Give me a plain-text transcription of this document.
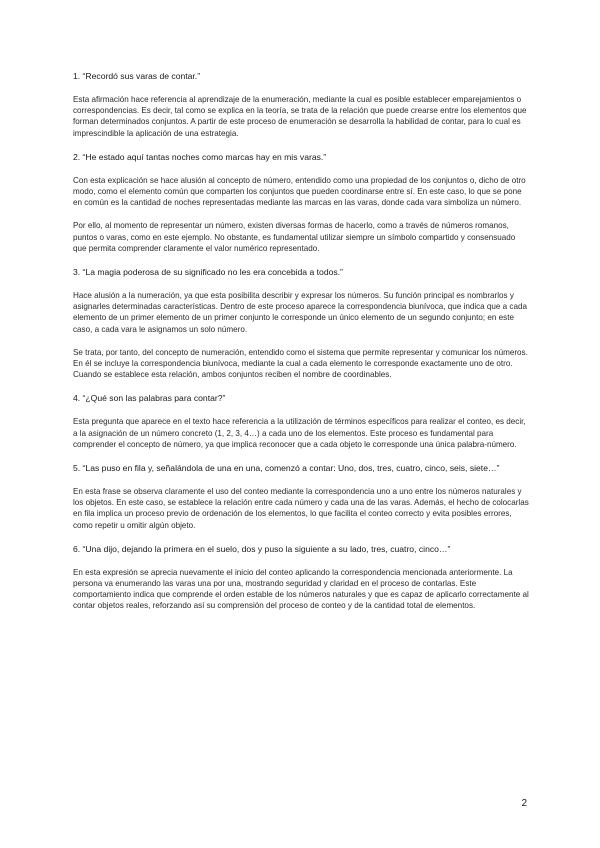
1. “Recordó sus varas de contar.”

Esta afirmación hace referencia al aprendizaje de la enumeración, mediante la cual es posible establecer emparejamientos o correspondencias. Es decir, tal como se explica en la teoría, se trata de la relación que puede crearse entre los elementos que forman determinados conjuntos. A partir de este proceso de enumeración se desarrolla la habilidad de contar, para lo cual es imprescindible la aplicación de una estrategia.

2. “He estado aquí tantas noches como marcas hay en mis varas.”

Con esta explicación se hace alusión al concepto de número, entendido como una propiedad de los conjuntos o, dicho de otro modo, como el elemento común que comparten los conjuntos que pueden coordinarse entre sí. En este caso, lo que se pone en común es la cantidad de noches representadas mediante las marcas en las varas, donde cada vara simboliza un número.

Por ello, al momento de representar un número, existen diversas formas de hacerlo, como a través de números romanos, puntos o varas, como en este ejemplo. No obstante, es fundamental utilizar siempre un símbolo compartido y consensuado que permita comprender claramente el valor numérico representado.

3. “La magia poderosa de su significado no les era concebida a todos.”

Hace alusión a la numeración, ya que esta posibilita describir y expresar los números. Su función principal es nombrarlos y asignarles determinadas características. Dentro de este proceso aparece la correspondencia biunívoca, que indica que a cada elemento de un primer elemento de un primer conjunto le corresponde un único elemento de un segundo conjunto; en este caso, a cada vara le asignamos un solo número.

Se trata, por tanto, del concepto de numeración, entendido como el sistema que permite representar y comunicar los números. En él se incluye la correspondencia biunívoca, mediante la cual a cada elemento le corresponde exactamente uno de otro. Cuando se establece esta relación, ambos conjuntos reciben el nombre de coordinables.

4. “¿Qué son las palabras para contar?”

Esta pregunta que aparece en el texto hace referencia a la utilización de términos específicos para realizar el conteo, es decir, a la asignación de un número concreto (1, 2, 3, 4…) a cada uno de los elementos. Este proceso es fundamental para comprender el concepto de número, ya que implica reconocer que a cada objeto le corresponde una única palabra-número.

5. “Las puso en fila y, señalándola de una en una, comenzó a contar: Uno, dos, tres, cuatro, cinco, seis, siete…”

En esta frase se observa claramente el uso del conteo mediante la correspondencia uno a uno entre los números naturales y los objetos. En este caso, se establece la relación entre cada número y cada una de las varas. Además, el hecho de colocarlas en fila implica un proceso previo de ordenación de los elementos, lo que facilita el conteo correcto y evita posibles errores, como repetir u omitir algún objeto.

6. “Una dijo, dejando la primera en el suelo, dos y puso la siguiente a su lado, tres, cuatro, cinco…”

En esta expresión se aprecia nuevamente el inicio del conteo aplicando la correspondencia mencionada anteriormente. La persona va enumerando las varas una por una, mostrando seguridad y claridad en el proceso de contarlas. Este comportamiento indica que comprende el orden estable de los números naturales y que es capaz de aplicarlo correctamente al contar objetos reales, reforzando así su comprensión del proceso de conteo y de la cantidad total de elementos.

2
